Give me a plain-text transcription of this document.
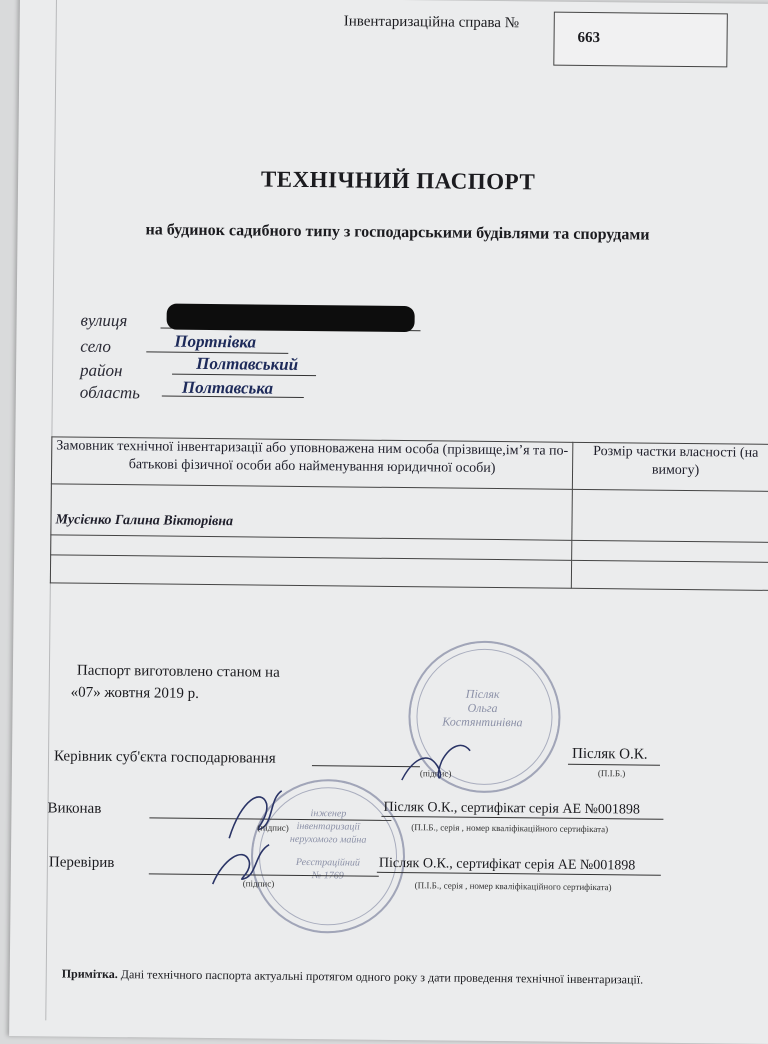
Інвентаризаційна справа №
663
ТЕХНІЧНИЙ ПАСПОРТ
на будинок садибного типу з господарськими будівлями та спорудами
вулиця
село	Портнівка
район	Полтавський
область Полтавська
Замовник технічної інвентаризації або уповноважена ним особа (прізвище,ім’я та по-батькові фізичної особи або найменування юридичної особи)	Розмір частки власності (на вимогу)
Мусієнко Галина Вікторівна	

Паспорт виготовлено станом на
«07» жовтня 2019 р.	Післяк
Ольга
Костянтинівна
Керівник суб'єкта господарювання
(підпис)
Післяк О.К.
(П.І.Б.)
інженер
інвентаризації
нерухомого майна
Реєстраційний
№ 1769
Виконав
(підпис)
Післяк О.К., сертифікат серія АЕ №001898
(П.І.Б., серія , номер кваліфікаційного сертифіката)
Перевірив
(підпис)
Післяк О.К., сертифікат серія АЕ №001898
(П.І.Б., серія , номер кваліфікаційного сертифіката)
Примітка. Дані технічного паспорта актуальні протягом одного року з дати проведення технічної інвентаризації.
